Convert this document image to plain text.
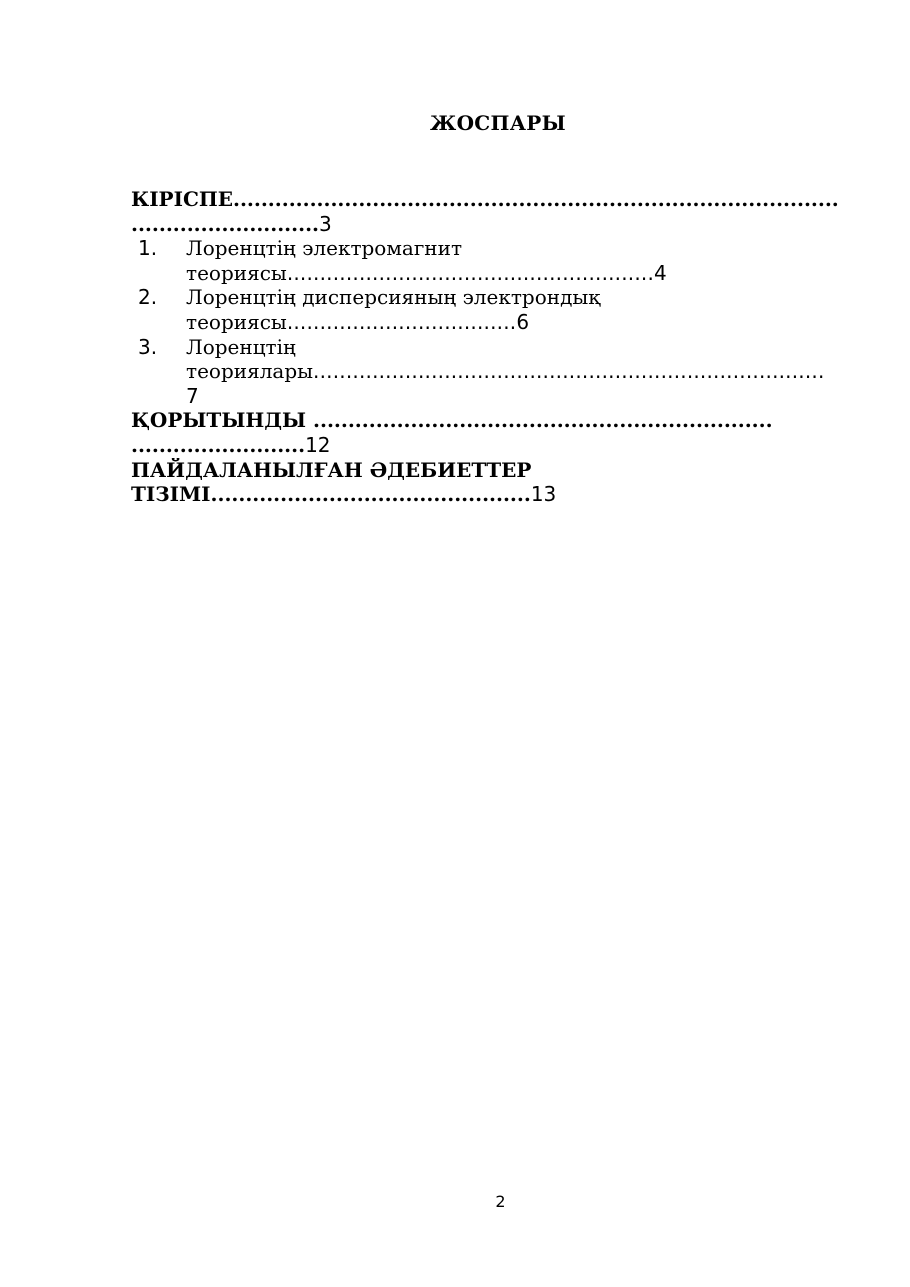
ЖОСПАРЫ
КІРІСПЕ.......................................................................................
...........................3
1. Лоренцтің электромагнит
теориясы........................................................4
2. Лоренцтің дисперсияның электрондық
теориясы...................................6
3. Лоренцтің
теориялары..............................................................................
7
ҚОРЫТЫНДЫ ..................................................................
.........................12
ПАЙДАЛАНЫЛҒАН ӘДЕБИЕТТЕР
ТІЗІМІ..............................................13
2
